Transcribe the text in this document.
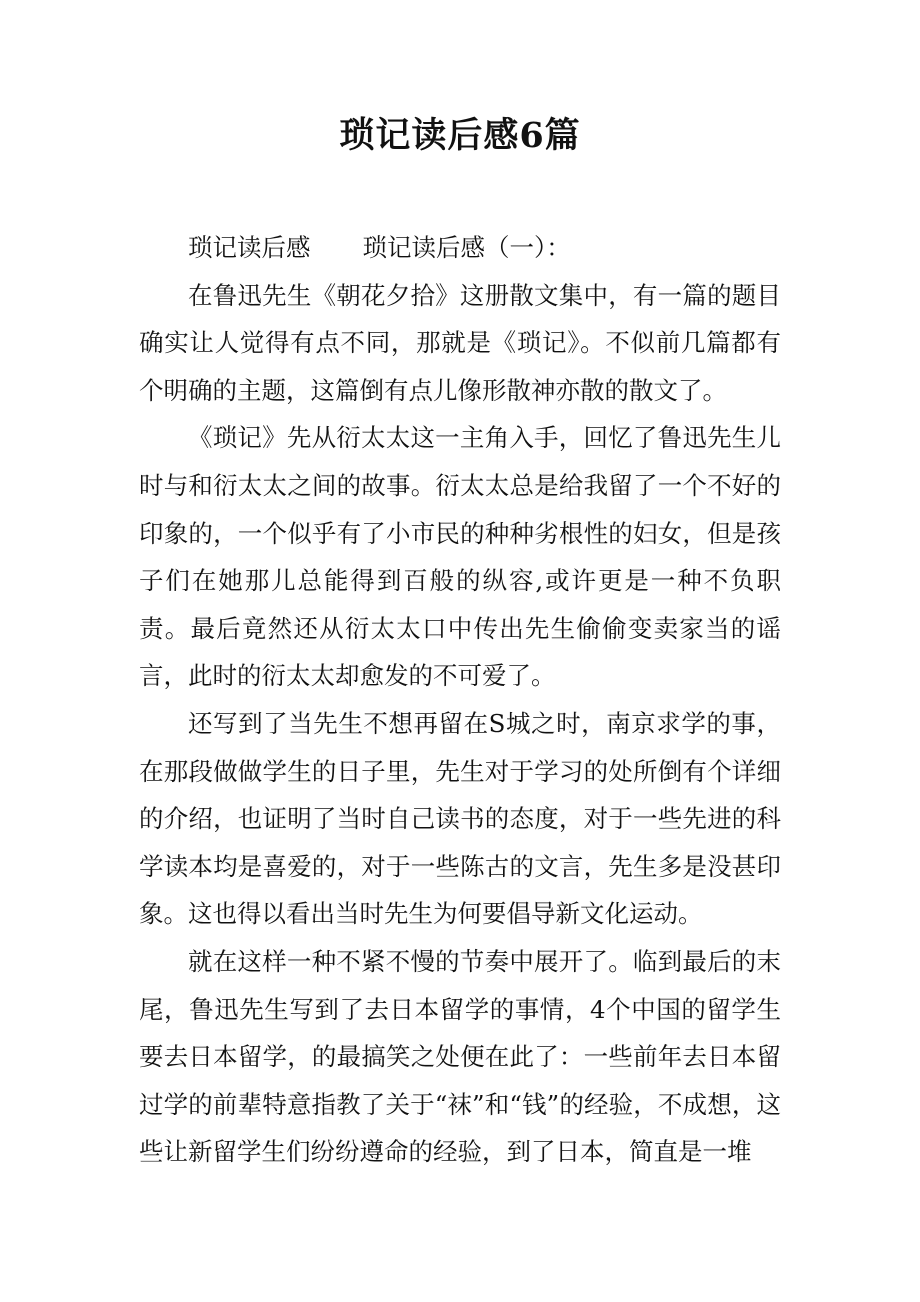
琐记读后感6篇

琐记读后感 琐记读后感（一）：

在鲁迅先生《朝花夕拾》这册散文集中，有一篇的题目确实让人觉得有点不同，那就是《琐记》。不似前几篇都有个明确的主题，这篇倒有点儿像形散神亦散的散文了。

《琐记》先从衍太太这一主角入手，回忆了鲁迅先生儿时与和衍太太之间的故事。衍太太总是给我留了一个不好的印象的，一个似乎有了小市民的种种劣根性的妇女，但是孩子们在她那儿总能得到百般的纵容,或许更是一种不负职责。最后竟然还从衍太太口中传出先生偷偷变卖家当的谣言，此时的衍太太却愈发的不可爱了。

还写到了当先生不想再留在S城之时，南京求学的事，在那段做做学生的日子里，先生对于学习的处所倒有个详细的介绍，也证明了当时自己读书的态度，对于一些先进的科学读本均是喜爱的，对于一些陈古的文言，先生多是没甚印象。这也得以看出当时先生为何要倡导新文化运动。

就在这样一种不紧不慢的节奏中展开了。临到最后的末尾，鲁迅先生写到了去日本留学的事情，4个中国的留学生要去日本留学，的最搞笑之处便在此了：一些前年去日本留过学的前辈特意指教了关于“袜”和“钱”的经验，不成想，这些让新留学生们纷纷遵命的经验，到了日本，简直是一堆
